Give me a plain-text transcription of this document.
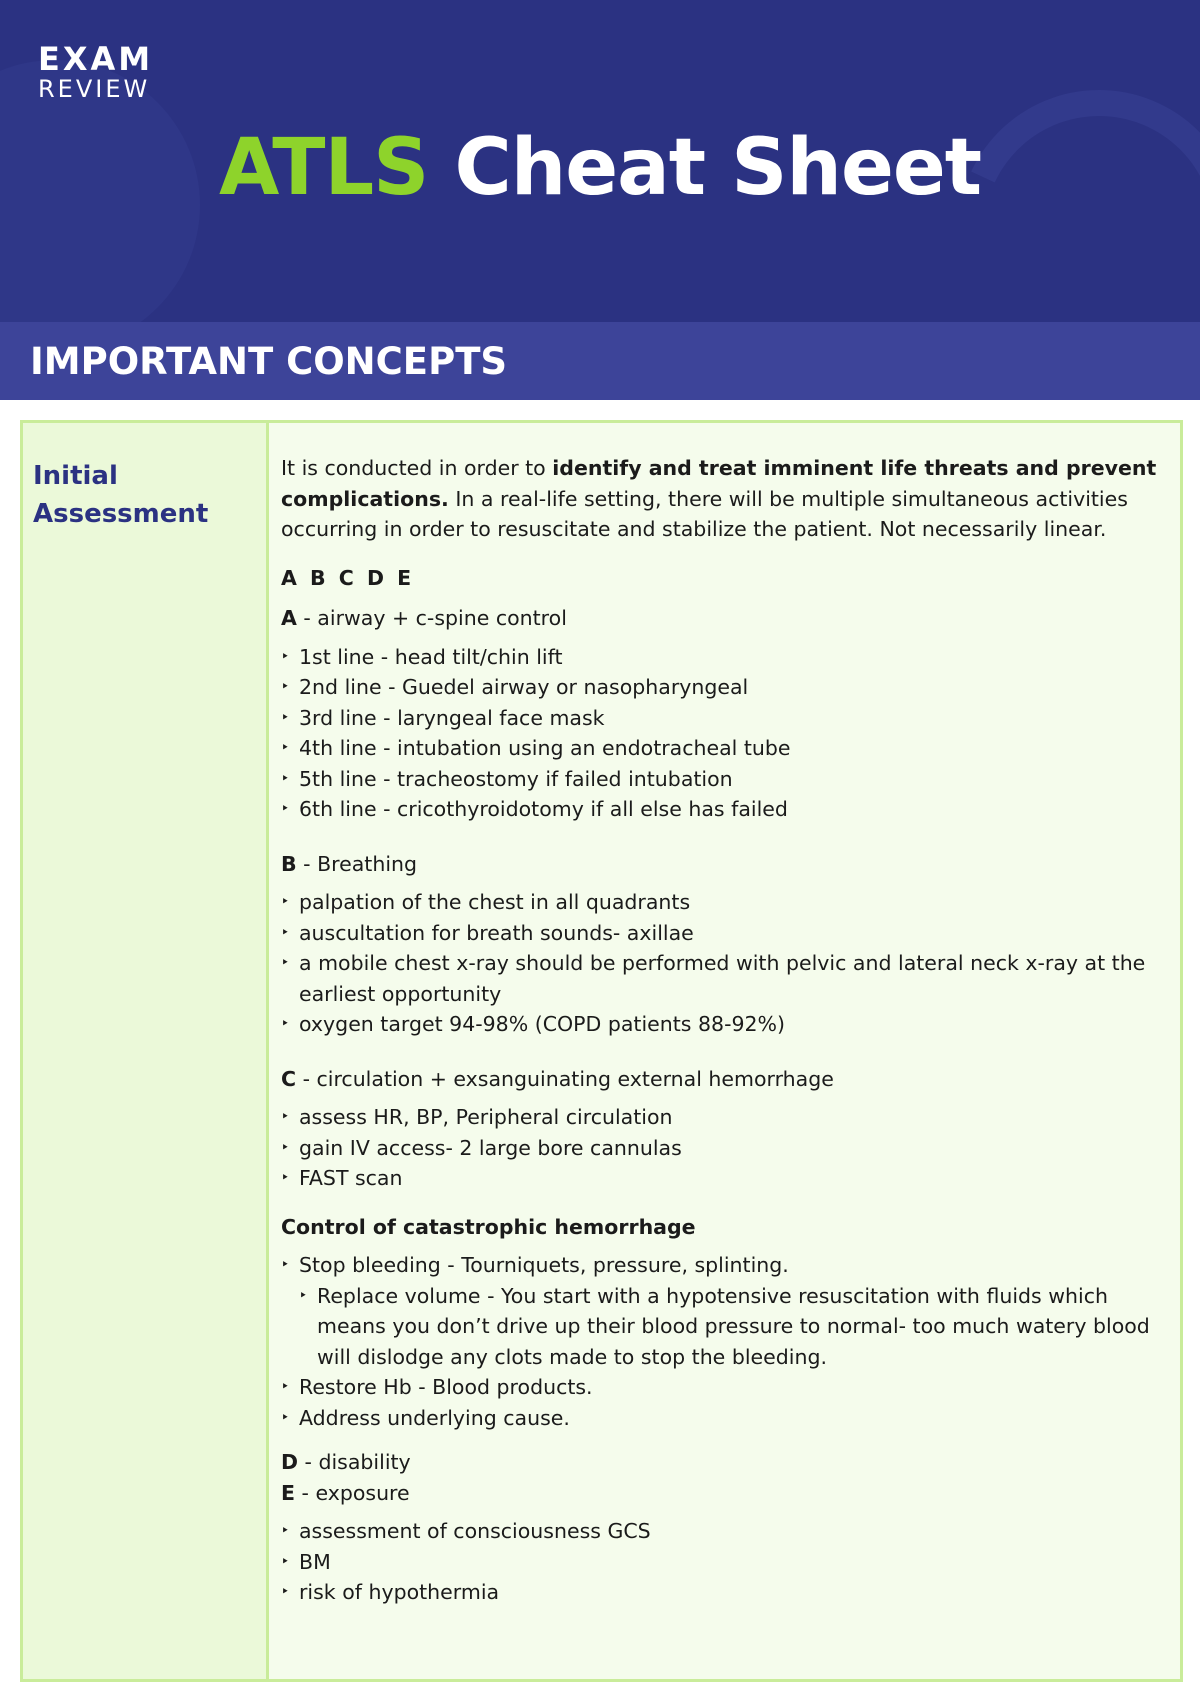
EXAM
REVIEW
ATLS Cheat Sheet
IMPORTANT CONCEPTS
Initial
Assessment

It is conducted in order to identify and treat imminent life threats and prevent complications. In a real-life setting, there will be multiple simultaneous activities occurring in order to resuscitate and stabilize the patient. Not necessarily linear.

A B C D E

A - airway + c-spine control

‣ 1st line - head tilt/chin lift
‣ 2nd line - Guedel airway or nasopharyngeal
‣ 3rd line - laryngeal face mask
‣ 4th line - intubation using an endotracheal tube
‣ 5th line - tracheostomy if failed intubation
‣ 6th line - cricothyroidotomy if all else has failed

B - Breathing

‣ palpation of the chest in all quadrants
‣ auscultation for breath sounds- axillae
‣ a mobile chest x-ray should be performed with pelvic and lateral neck x-ray at the earliest opportunity
‣ oxygen target 94-98% (COPD patients 88-92%)

C - circulation + exsanguinating external hemorrhage

‣ assess HR, BP, Peripheral circulation
‣ gain IV access- 2 large bore cannulas
‣ FAST scan

Control of catastrophic hemorrhage

‣ Stop bleeding - Tourniquets, pressure, splinting.
‣ Replace volume - You start with a hypotensive resuscitation with fluids which means you don’t drive up their blood pressure to normal- too much watery blood will dislodge any clots made to stop the bleeding.
‣ Restore Hb - Blood products.
‣ Address underlying cause.

D - disability

E - exposure

‣ assessment of consciousness GCS
‣ BM
‣ risk of hypothermia
